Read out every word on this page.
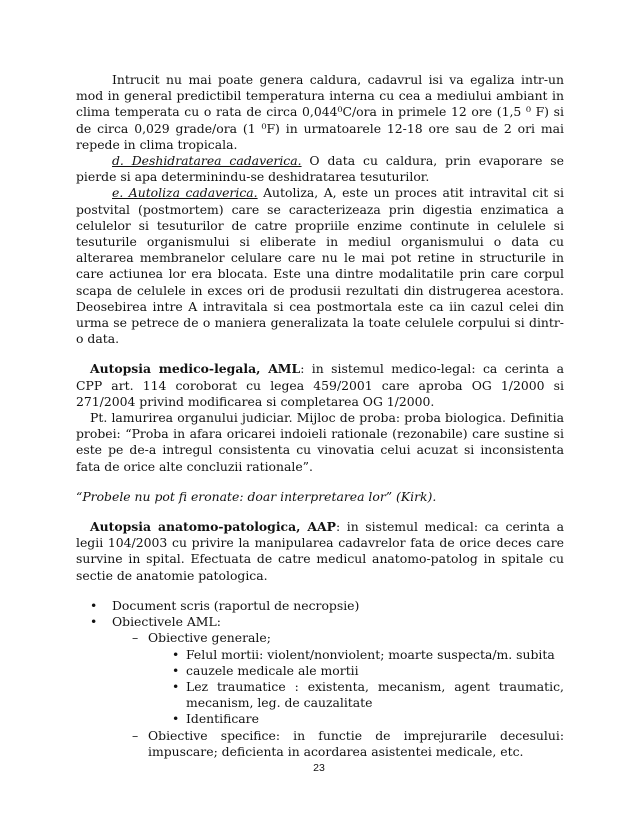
Intrucit nu mai poate genera caldura, cadavrul isi va egaliza intr-un mod in general predictibil temperatura interna cu cea a mediului ambiant in clima temperata cu o rata de circa 0,044⁰C/ora in primele 12 ore (1,5 ⁰ F) si de circa 0,029 grade/ora (1 ⁰F) in urmatoarele 12-18 ore sau de 2 ori mai repede in clima tropicala.

d. Deshidratarea cadaverica. O data cu caldura, prin evaporare se pierde si apa determinindu-se deshidratarea tesuturilor.

e. Autoliza cadaverica. Autoliza, A, este un proces atit intravital cit si postvital (postmortem) care se caracterizeaza prin digestia enzimatica a celulelor si tesuturilor de catre propriile enzime continute in celulele si tesuturile organismului si eliberate in mediul organismului o data cu alterarea membranelor celulare care nu le mai pot retine in structurile in care actiunea lor era blocata. Este una dintre modalitatile prin care corpul scapa de celulele in exces ori de produsii rezultati din distrugerea acestora. Deosebirea intre A intravitala si cea postmortala este ca iin cazul celei din urma se petrece de o maniera generalizata la toate celulele corpului si dintr-o data.

Autopsia medico-legala, AML: in sistemul medico-legal: ca cerinta a CPP art. 114 coroborat cu legea 459/2001 care aproba OG 1/2000 si 271/2004 privind modificarea si completarea OG 1/2000.

Pt. lamurirea organului judiciar. Mijloc de proba: proba biologica. Definitia probei: “Proba in afara oricarei indoieli rationale (rezonabile) care sustine si este pe de-a intregul consistenta cu vinovatia celui acuzat si inconsistenta fata de orice alte concluzii rationale”.

“Probele nu pot fi eronate: doar interpretarea lor” (Kirk).

Autopsia anatomo-patologica, AAP: in sistemul medical: ca cerinta a legii 104/2003 cu privire la manipularea cadavrelor fata de orice deces care survine in spital. Efectuata de catre medicul anatomo-patolog in spitale cu sectie de anatomie patologica.

• Document scris (raportul de necropsie)
• Obiectivele AML:
– Obiective generale;
• Felul mortii: violent/nonviolent; moarte suspecta/m. subita
• cauzele medicale ale mortii
• Lez traumatice : existenta, mecanism, agent traumatic, mecanism, leg. de cauzalitate
• Identificare
– Obiective specifice: in functie de imprejurarile decesului: impuscare; deficienta in acordarea asistentei medicale, etc.
23
